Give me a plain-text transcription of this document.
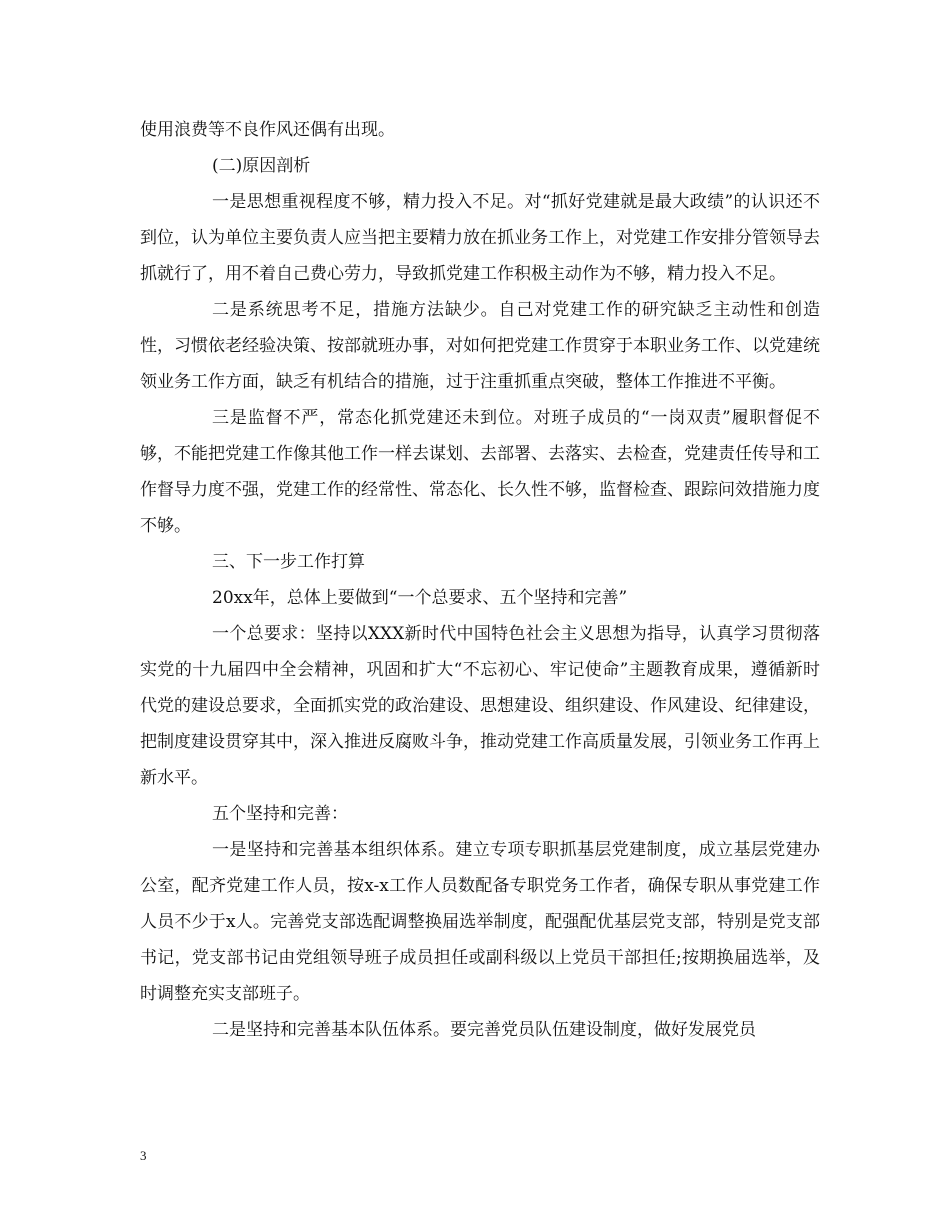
使用浪费等不良作风还偶有出现。

(二)原因剖析

一是思想重视程度不够，精力投入不足。对“抓好党建就是最大政绩”的认识还不到位，认为单位主要负责人应当把主要精力放在抓业务工作上，对党建工作安排分管领导去抓就行了，用不着自己费心劳力，导致抓党建工作积极主动作为不够，精力投入不足。

二是系统思考不足，措施方法缺少。自己对党建工作的研究缺乏主动性和创造性，习惯依老经验决策、按部就班办事，对如何把党建工作贯穿于本职业务工作、以党建统领业务工作方面，缺乏有机结合的措施，过于注重抓重点突破，整体工作推进不平衡。

三是监督不严，常态化抓党建还未到位。对班子成员的“一岗双责”履职督促不够，不能把党建工作像其他工作一样去谋划、去部署、去落实、去检查，党建责任传导和工作督导力度不强，党建工作的经常性、常态化、长久性不够，监督检查、跟踪问效措施力度不够。

三、下一步工作打算

20xx年，总体上要做到“一个总要求、五个坚持和完善”

一个总要求：坚持以XXX新时代中国特色社会主义思想为指导，认真学习贯彻落实党的十九届四中全会精神，巩固和扩大“不忘初心、牢记使命”主题教育成果，遵循新时代党的建设总要求，全面抓实党的政治建设、思想建设、组织建设、作风建设、纪律建设，把制度建设贯穿其中，深入推进反腐败斗争，推动党建工作高质量发展，引领业务工作再上新水平。

五个坚持和完善：

一是坚持和完善基本组织体系。建立专项专职抓基层党建制度，成立基层党建办公室，配齐党建工作人员，按x-x工作人员数配备专职党务工作者，确保专职从事党建工作人员不少于x人。完善党支部选配调整换届选举制度，配强配优基层党支部，特别是党支部书记，党支部书记由党组领导班子成员担任或副科级以上党员干部担任;按期换届选举，及时调整充实支部班子。

二是坚持和完善基本队伍体系。要完善党员队伍建设制度，做好发展党员

3
